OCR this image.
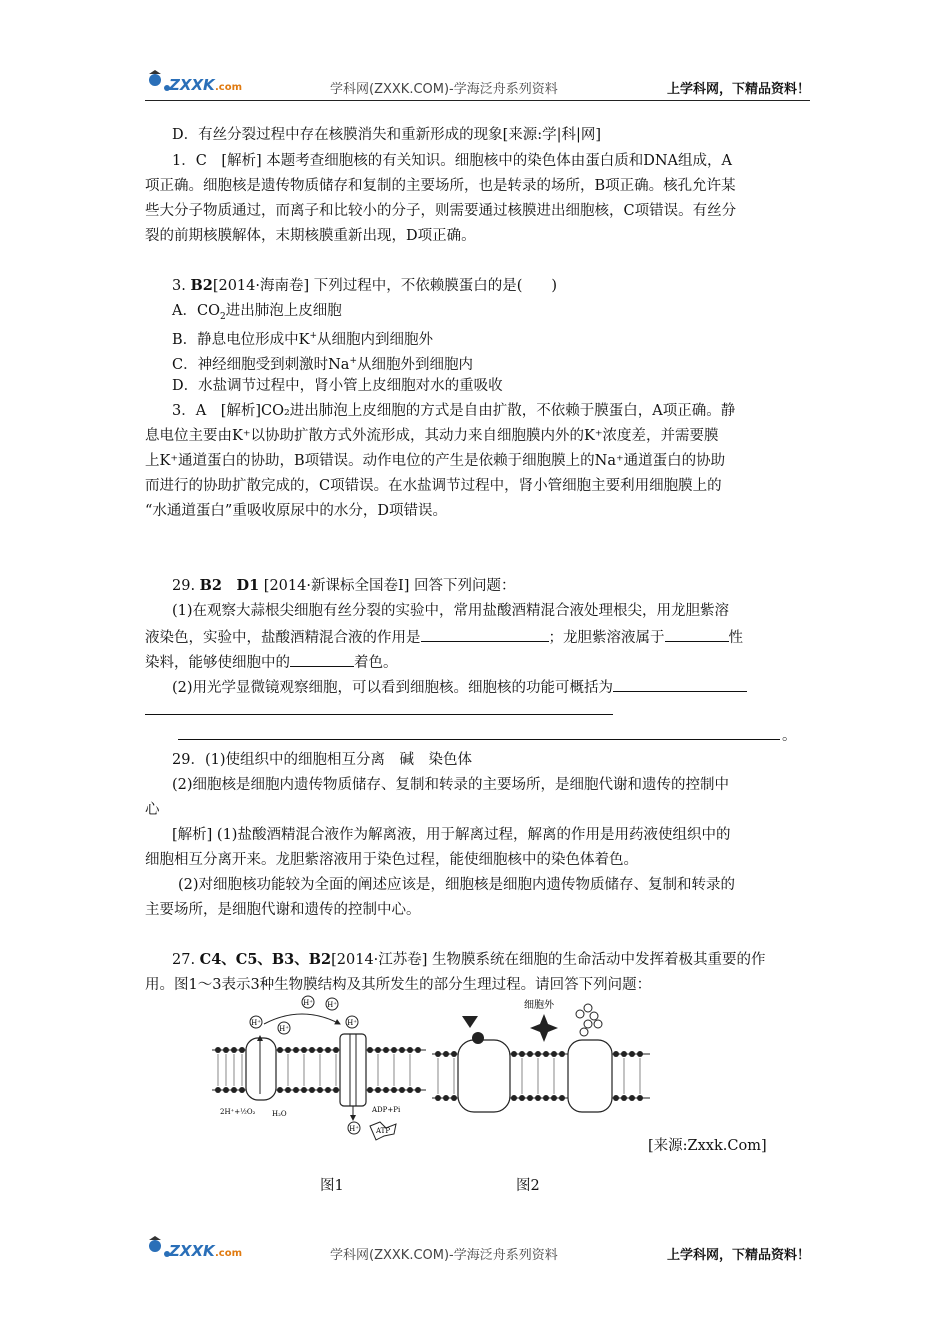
ZXXK .com	学科网(ZXXK.COM)-学海泛舟系列资料	上学科网，下精品资料！
D．有丝分裂过程中存在核膜消失和重新形成的现象[来源:学|科|网]
1．C　[解析] 本题考查细胞核的有关知识。细胞核中的染色体由蛋白质和DNA组成，A
项正确。细胞核是遗传物质储存和复制的主要场所，也是转录的场所，B项正确。核孔允许某
些大分子物质通过，而离子和比较小的分子，则需要通过核膜进出细胞核，C项错误。有丝分
裂的前期核膜解体，末期核膜重新出现，D项正确。
3. B2[2014·海南卷] 下列过程中，不依赖膜蛋白的是(　　)
A．$CO_2$进出肺泡上皮细胞
B．静息电位形成中K+从细胞内到细胞外
C．神经细胞受到刺激时Na+从细胞外到细胞内
D．水盐调节过程中，肾小管上皮细胞对水的重吸收
3．A　[解析]CO₂进出肺泡上皮细胞的方式是自由扩散，不依赖于膜蛋白，A项正确。静
息电位主要由K⁺以协助扩散方式外流形成，其动力来自细胞膜内外的K⁺浓度差，并需要膜
上K⁺通道蛋白的协助，B项错误。动作电位的产生是依赖于细胞膜上的Na⁺通道蛋白的协助
而进行的协助扩散完成的，C项错误。在水盐调节过程中，肾小管细胞主要利用细胞膜上的
“水通道蛋白”重吸收原尿中的水分，D项错误。
29. B2　D1 [2014·新课标全国卷Ⅰ] 回答下列问题：
(1)在观察大蒜根尖细胞有丝分裂的实验中，常用盐酸酒精混合液处理根尖，用龙胆紫溶
液染色，实验中，盐酸酒精混合液的作用是	；龙胆紫溶液属于	性
染料，能够使细胞中的	着色。
(2)用光学显微镜观察细胞，可以看到细胞核。细胞核的功能可概括为
。
29．(1)使组织中的细胞相互分离　碱　染色体
(2)细胞核是细胞内遗传物质储存、复制和转录的主要场所，是细胞代谢和遗传的控制中
心
[解析] (1)盐酸酒精混合液作为解离液，用于解离过程，解离的作用是用药液使组织中的
细胞相互分离开来。龙胆紫溶液用于染色过程，能使细胞核中的染色体着色。
(2)对细胞核功能较为全面的阐述应该是，细胞核是细胞内遗传物质储存、复制和转录的
主要场所，是细胞代谢和遗传的控制中心。
27. C4、C5、B3、B2[2014·江苏卷] 生物膜系统在细胞的生命活动中发挥着极其重要的作
用。图1～3表示3种生物膜结构及其所发生的部分生理过程。请回答下列问题：
H⁺
H⁺
H⁺ H⁺
H⁺
H⁺
2H⁺+½O₂ H₂O	ADP+Pi
ATP
细胞外
[来源:Zxxk.Com]
图1	图2
ZXXK .com	学科网(ZXXK.COM)-学海泛舟系列资料	上学科网，下精品资料！
